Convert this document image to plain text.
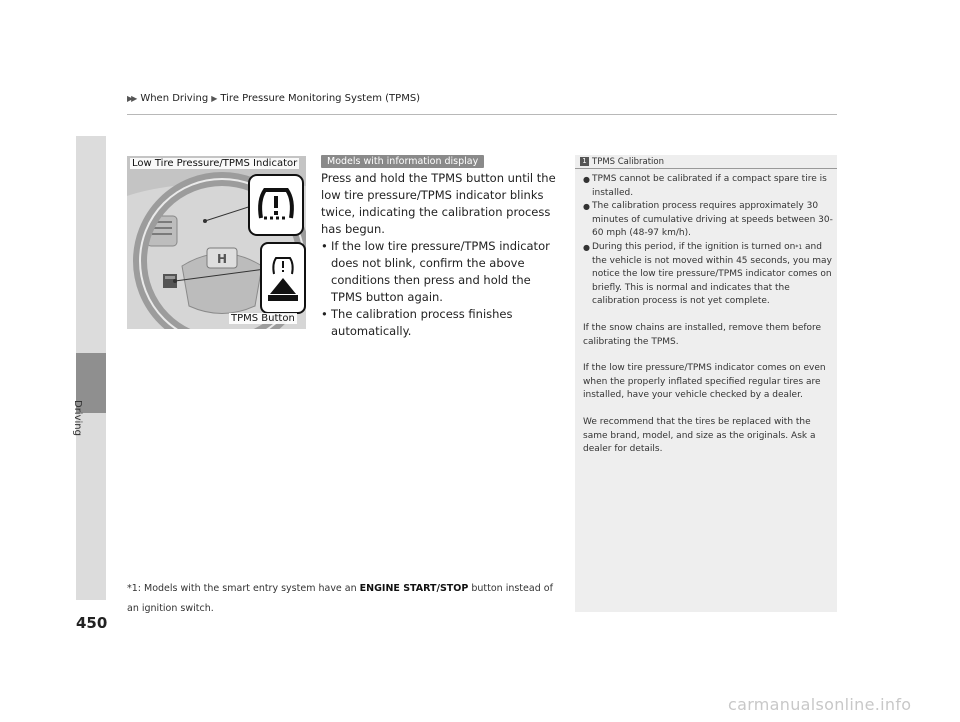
▶▶ When Driving ▶ Tire Pressure Monitoring System (TPMS)
Driving
450
H
Low Tire Pressure/TPMS Indicator
TPMS Button
Models with information display

Press and hold the TPMS button until the low tire pressure/TPMS indicator blinks twice, indicating the calibration process has begun.

• If the low tire pressure/TPMS indicator does not blink, confirm the above conditions then press and hold the TPMS button again.
• The calibration process finishes automatically.
*1: Models with the smart entry system have an ENGINE START/STOP button instead of an ignition switch.
1 TPMS Calibration
● TPMS cannot be calibrated if a compact spare tire is installed.
● The calibration process requires approximately 30 minutes of cumulative driving at speeds between 30-60 mph (48-97 km/h).
● During this period, if the ignition is turned $on^{*1}$ and the vehicle is not moved within 45 seconds, you may notice the low tire pressure/TPMS indicator comes on briefly. This is normal and indicates that the calibration process is not yet complete.

If the snow chains are installed, remove them before calibrating the TPMS.

If the low tire pressure/TPMS indicator comes on even when the properly inflated specified regular tires are installed, have your vehicle checked by a dealer.

We recommend that the tires be replaced with the same brand, model, and size as the originals. Ask a dealer for details.

carmanualsonline.info
